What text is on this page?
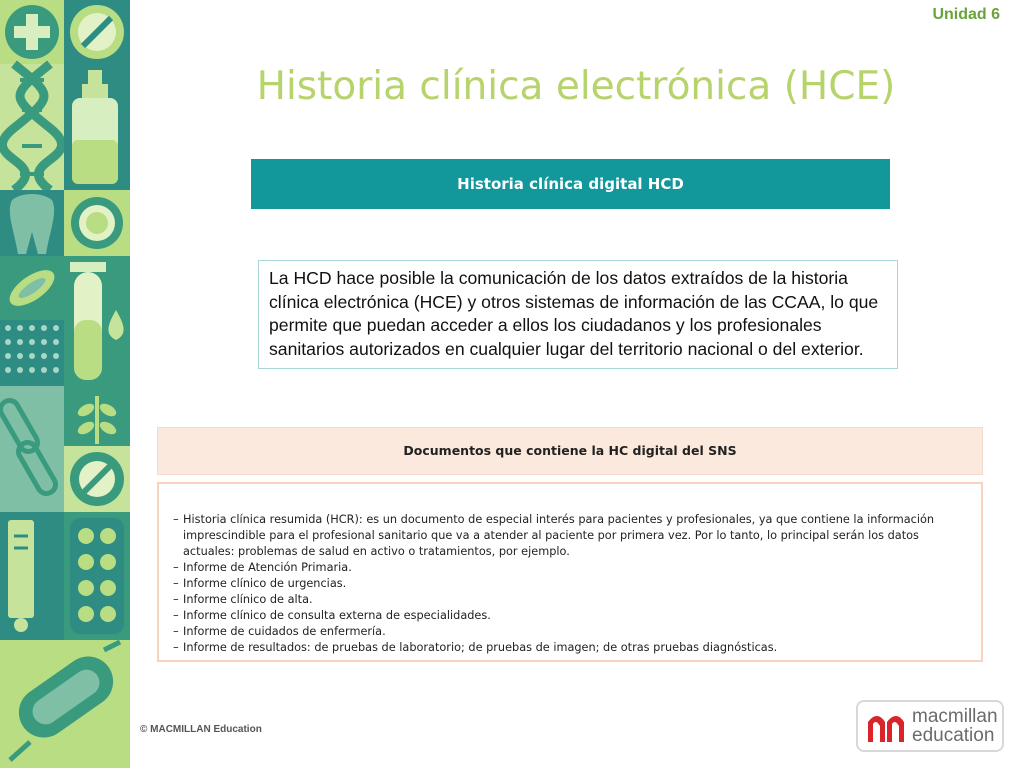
Unidad 6
Historia clínica electrónica (HCE)
Historia clínica digital HCD
La HCD hace posible la comunicación de los datos extraídos de la historia clínica electrónica (HCE) y otros sistemas de información de las CCAA, lo que permite que puedan acceder a ellos los ciudadanos y los profesionales sanitarios autorizados en cualquier lugar del territorio nacional o del exterior.
Documentos que contiene la HC digital del SNS
– Historia clínica resumida (HCR): es un documento de especial interés para pacientes y profesionales, ya que contiene la información imprescindible para el profesional sanitario que va a atender al paciente por primera vez. Por lo tanto, lo principal serán los datos actuales: problemas de salud en activo o tratamientos, por ejemplo.
– Informe de Atención Primaria.
– Informe clínico de urgencias.
– Informe clínico de alta.
– Informe clínico de consulta externa de especialidades.
– Informe de cuidados de enfermería.
– Informe de resultados: de pruebas de laboratorio; de pruebas de imagen; de otras pruebas diagnósticas.
© MACMILLAN Education
macmillan
education
